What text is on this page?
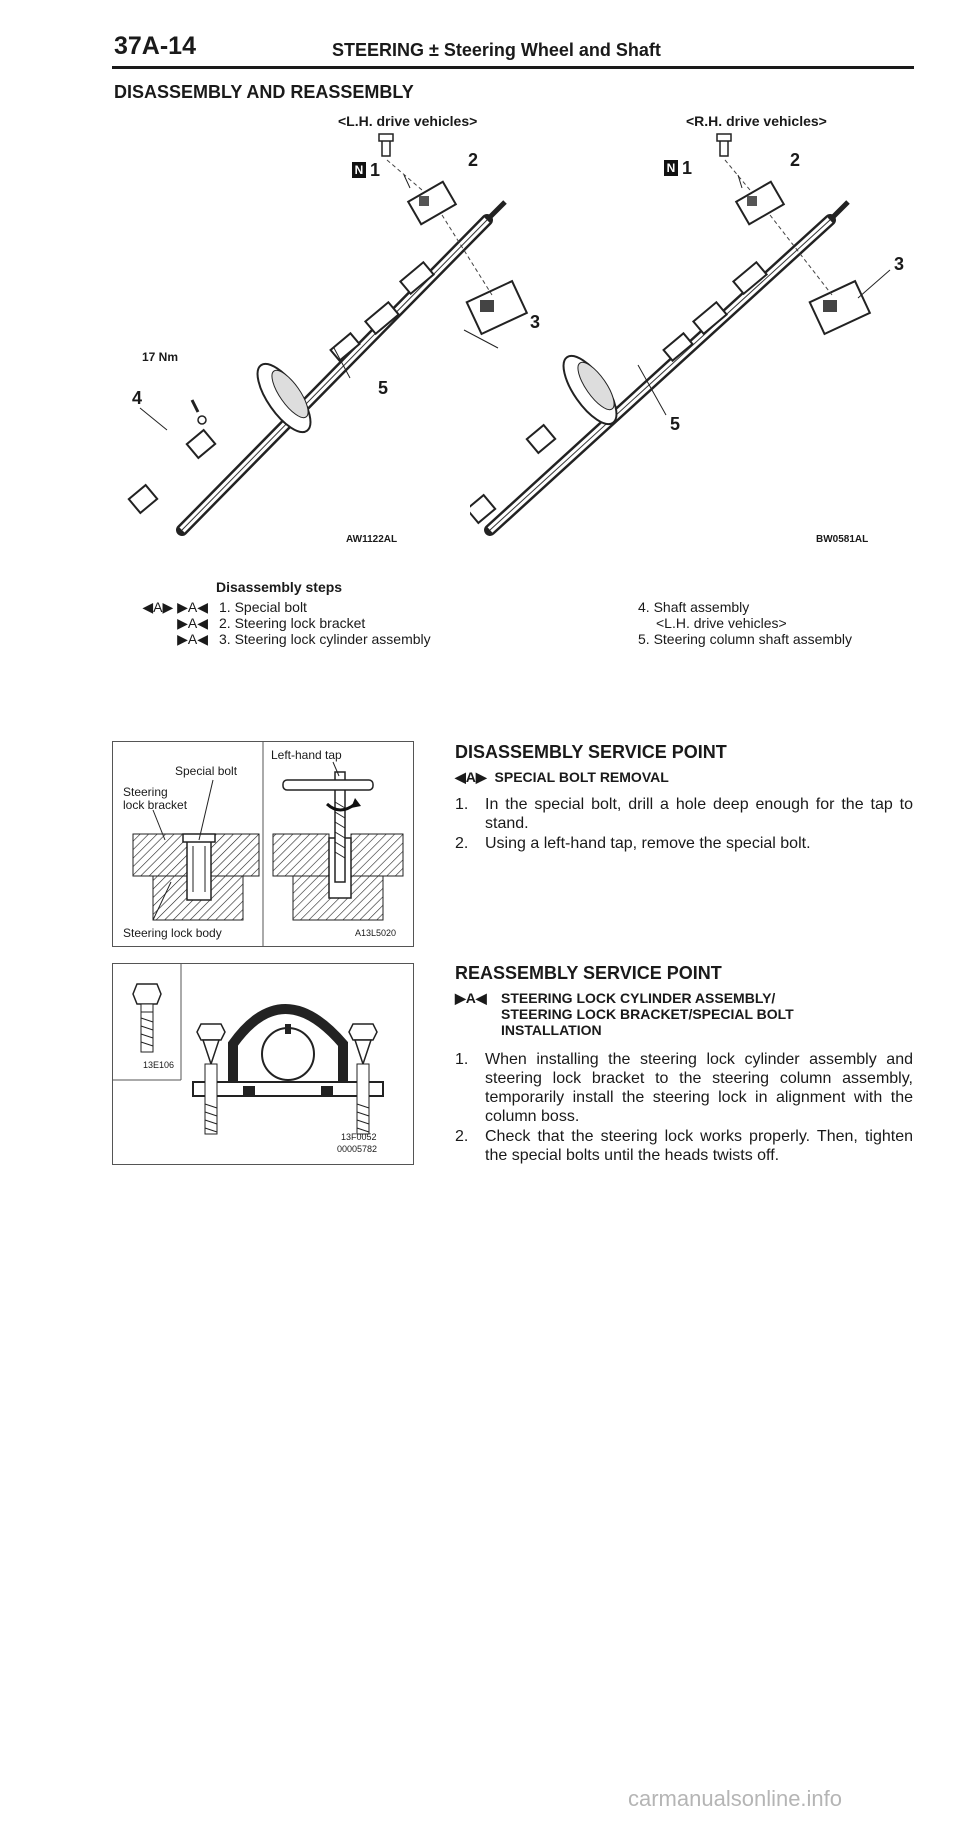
37A-14	STEERING ± Steering Wheel and Shaft
DISASSEMBLY AND REASSEMBLY
<L.H. drive vehicles>	<R.H. drive vehicles>
N 1	2
3
4	5
17 Nm
AW1122AL
N 1	2
3
5
BW0581AL
Disassembly steps
◀A▶ ▶A◀
▶A◀
▶A◀
1. Special bolt
2. Steering lock bracket
3. Steering lock cylinder assembly
4. Shaft assembly
<L.H. drive vehicles>
5. Steering column shaft assembly
Special bolt
Left-hand tap
Steering
lock bracket
Steering lock body	A13L5020
DISASSEMBLY SERVICE POINT
◀A▶ SPECIAL BOLT REMOVAL
1. In the special bolt, drill a hole deep enough for the tap to stand.
2. Using a left-hand tap, remove the special bolt.
13E106
13F0052
00005782
REASSEMBLY SERVICE POINT
▶A◀ STEERING LOCK CYLINDER ASSEMBLY/
STEERING LOCK BRACKET/SPECIAL BOLT
INSTALLATION
1. When installing the steering lock cylinder assembly and steering lock bracket to the steering column assembly, temporarily install the steering lock in alignment with the column boss.
2. Check that the steering lock works properly. Then, tighten the special bolts until the heads twists off.
carmanualsonline.info
